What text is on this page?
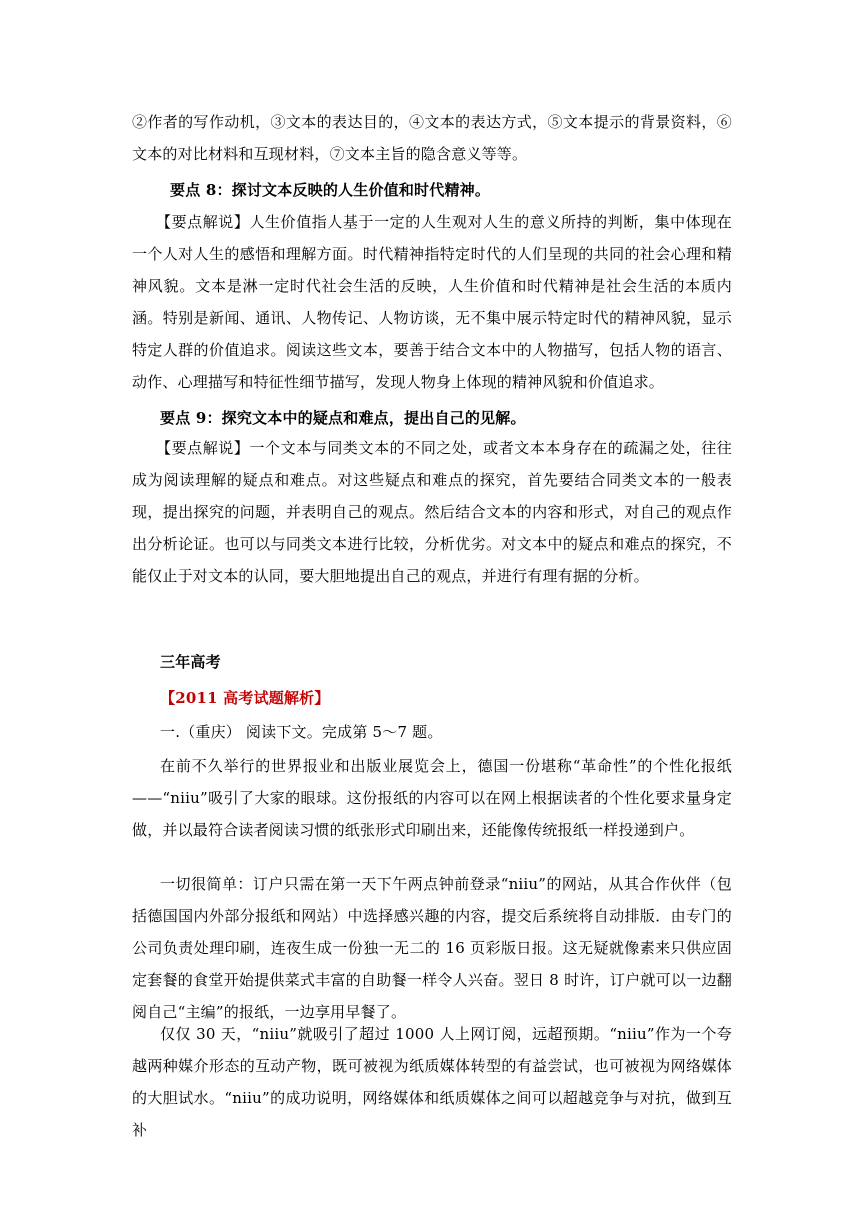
②作者的写作动机，③文本的表达目的，④文本的表达方式，⑤文本提示的背景资料，⑥文本的对比材料和互现材料，⑦文本主旨的隐含意义等等。

要点 8：探讨文本反映的人生价值和时代精神。

【要点解说】人生价值指人基于一定的人生观对人生的意义所持的判断，集中体现在一个人对人生的感悟和理解方面。时代精神指特定时代的人们呈现的共同的社会心理和精神风貌。文本是淋一定时代社会生活的反映，人生价值和时代精神是社会生活的本质内涵。特别是新闻、通讯、人物传记、人物访谈，无不集中展示特定时代的精神风貌，显示特定人群的价值追求。阅读这些文本，要善于结合文本中的人物描写，包括人物的语言、动作、心理描写和特征性细节描写，发现人物身上体现的精神风貌和价值追求。

要点 9：探究文本中的疑点和难点，提出自己的见解。

【要点解说】一个文本与同类文本的不同之处，或者文本本身存在的疏漏之处，往往成为阅读理解的疑点和难点。对这些疑点和难点的探究，首先要结合同类文本的一般表现，提出探究的问题，并表明自己的观点。然后结合文本的内容和形式，对自己的观点作出分析论证。也可以与同类文本进行比较，分析优劣。对文本中的疑点和难点的探究，不能仅止于对文本的认同，要大胆地提出自己的观点，并进行有理有据的分析。

三年高考

【2011 高考试题解析】

一.（重庆） 阅读下文。完成第 5～7 题。

在前不久举行的世界报业和出版业展览会上，德国一份堪称“革命性”的个性化报纸——“niiu”吸引了大家的眼球。这份报纸的内容可以在网上根据读者的个性化要求量身定做，并以最符合读者阅读习惯的纸张形式印刷出来，还能像传统报纸一样投递到户。

一切很简单：订户只需在第一天下午两点钟前登录“niiu”的网站，从其合作伙伴（包括德国国内外部分报纸和网站）中选择感兴趣的内容，提交后系统将自动排版．由专门的公司负责处理印刷，连夜生成一份独一无二的 16 页彩版日报。这无疑就像素来只供应固定套餐的食堂开始提供菜式丰富的自助餐一样令人兴奋。翌日 8 时许，订户就可以一边翻阅自己“主编”的报纸，一边享用早餐了。

仅仅 30 天，“niiu”就吸引了超过 1000 人上网订阅，远超预期。“niiu”作为一个夸越两种媒介形态的互动产物，既可被视为纸质媒体转型的有益尝试，也可被视为网络媒体的大胆试水。“niiu”的成功说明，网络媒体和纸质媒体之间可以超越竞争与对抗，做到互补
